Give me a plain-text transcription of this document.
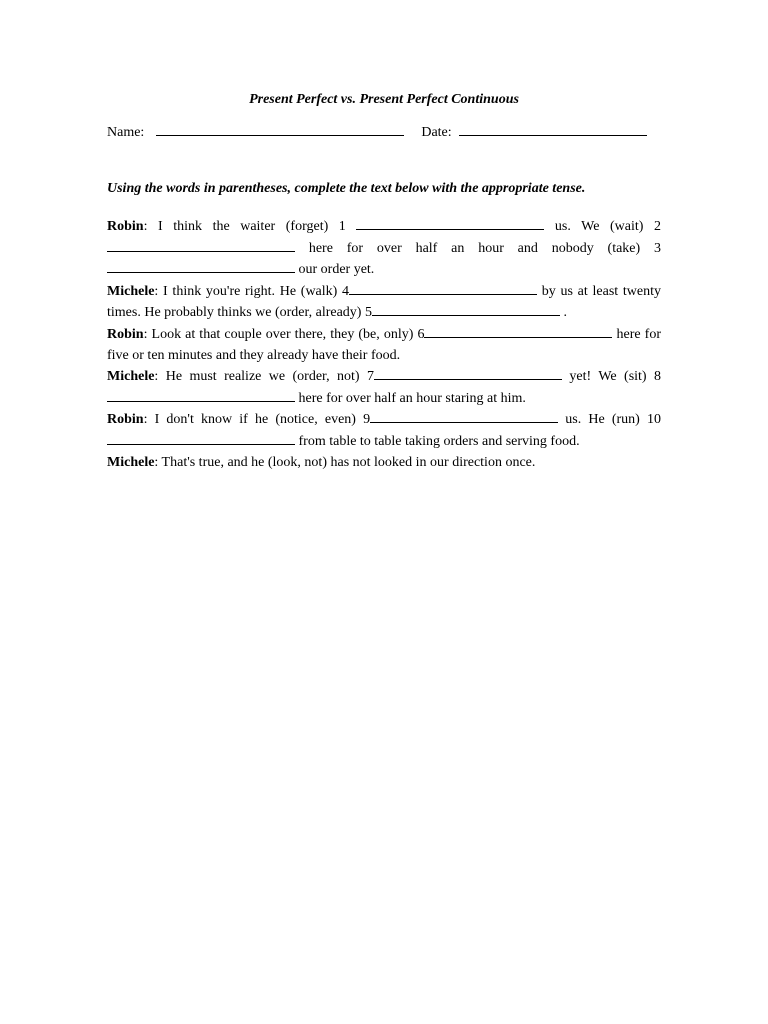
Present Perfect vs. Present Perfect Continuous
Name:	Date:
Using the words in parentheses, complete the text below with the appropriate tense.

Robin: I think the waiter (forget) 1	us. We (wait) 2 here for over half an hour and nobody (take) 3 our order yet.

Michele: I think you're right. He (walk) 4	by us at least twenty times. He probably thinks we (order, already) 5	.

Robin: Look at that couple over there, they (be, only) 6	here for five or ten minutes and they already have their food.

Michele: He must realize we (order, not) 7	yet! We (sit) 8 here for over half an hour staring at him.

Robin: I don't know if he (notice, even) 9	us. He (run) 10 from table to table taking orders and serving food.

Michele: That's true, and he (look, not) has not looked in our direction once.
